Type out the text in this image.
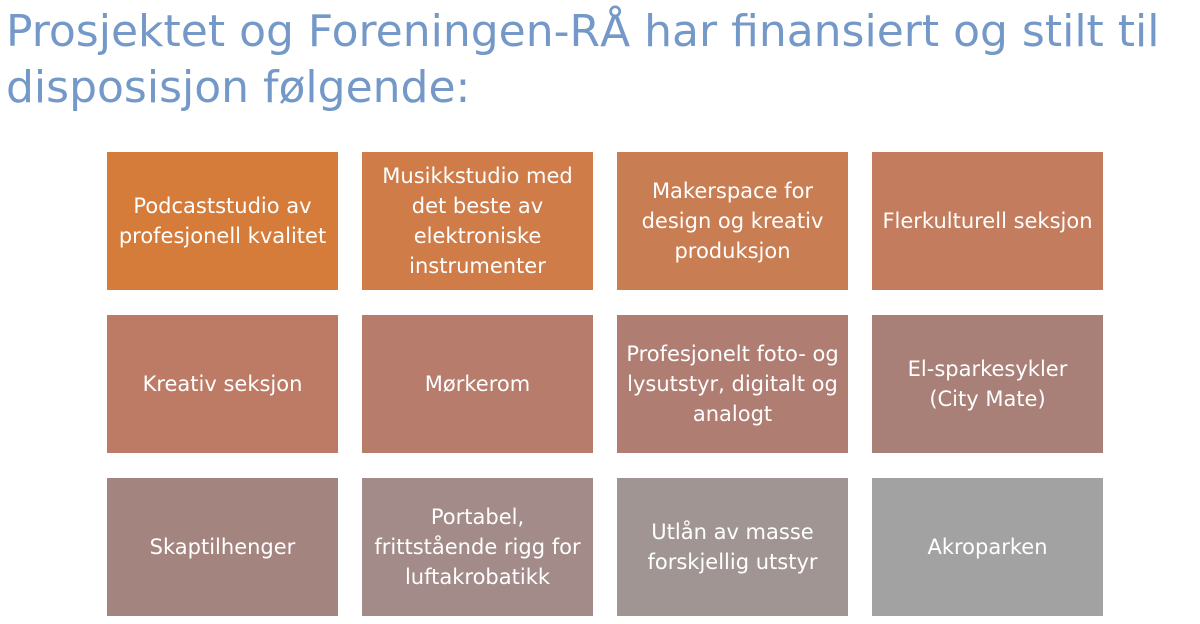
Prosjektet og Foreningen-RÅ har finansiert og stilt til
disposisjon følgende:
Podcaststudio av profesjonell kvalitet
Musikkstudio med det beste av elektroniske instrumenter
Makerspace for design og kreativ produksjon
Flerkulturell seksjon
Kreativ seksjon	Mørkerom
Profesjonelt foto- og lysutstyr, digitalt og analogt
El-sparkesykler (City Mate)
Skaptilhenger
Portabel, frittstående rigg for luftakrobatikk
Utlån av masse forskjellig utstyr
Akroparken
